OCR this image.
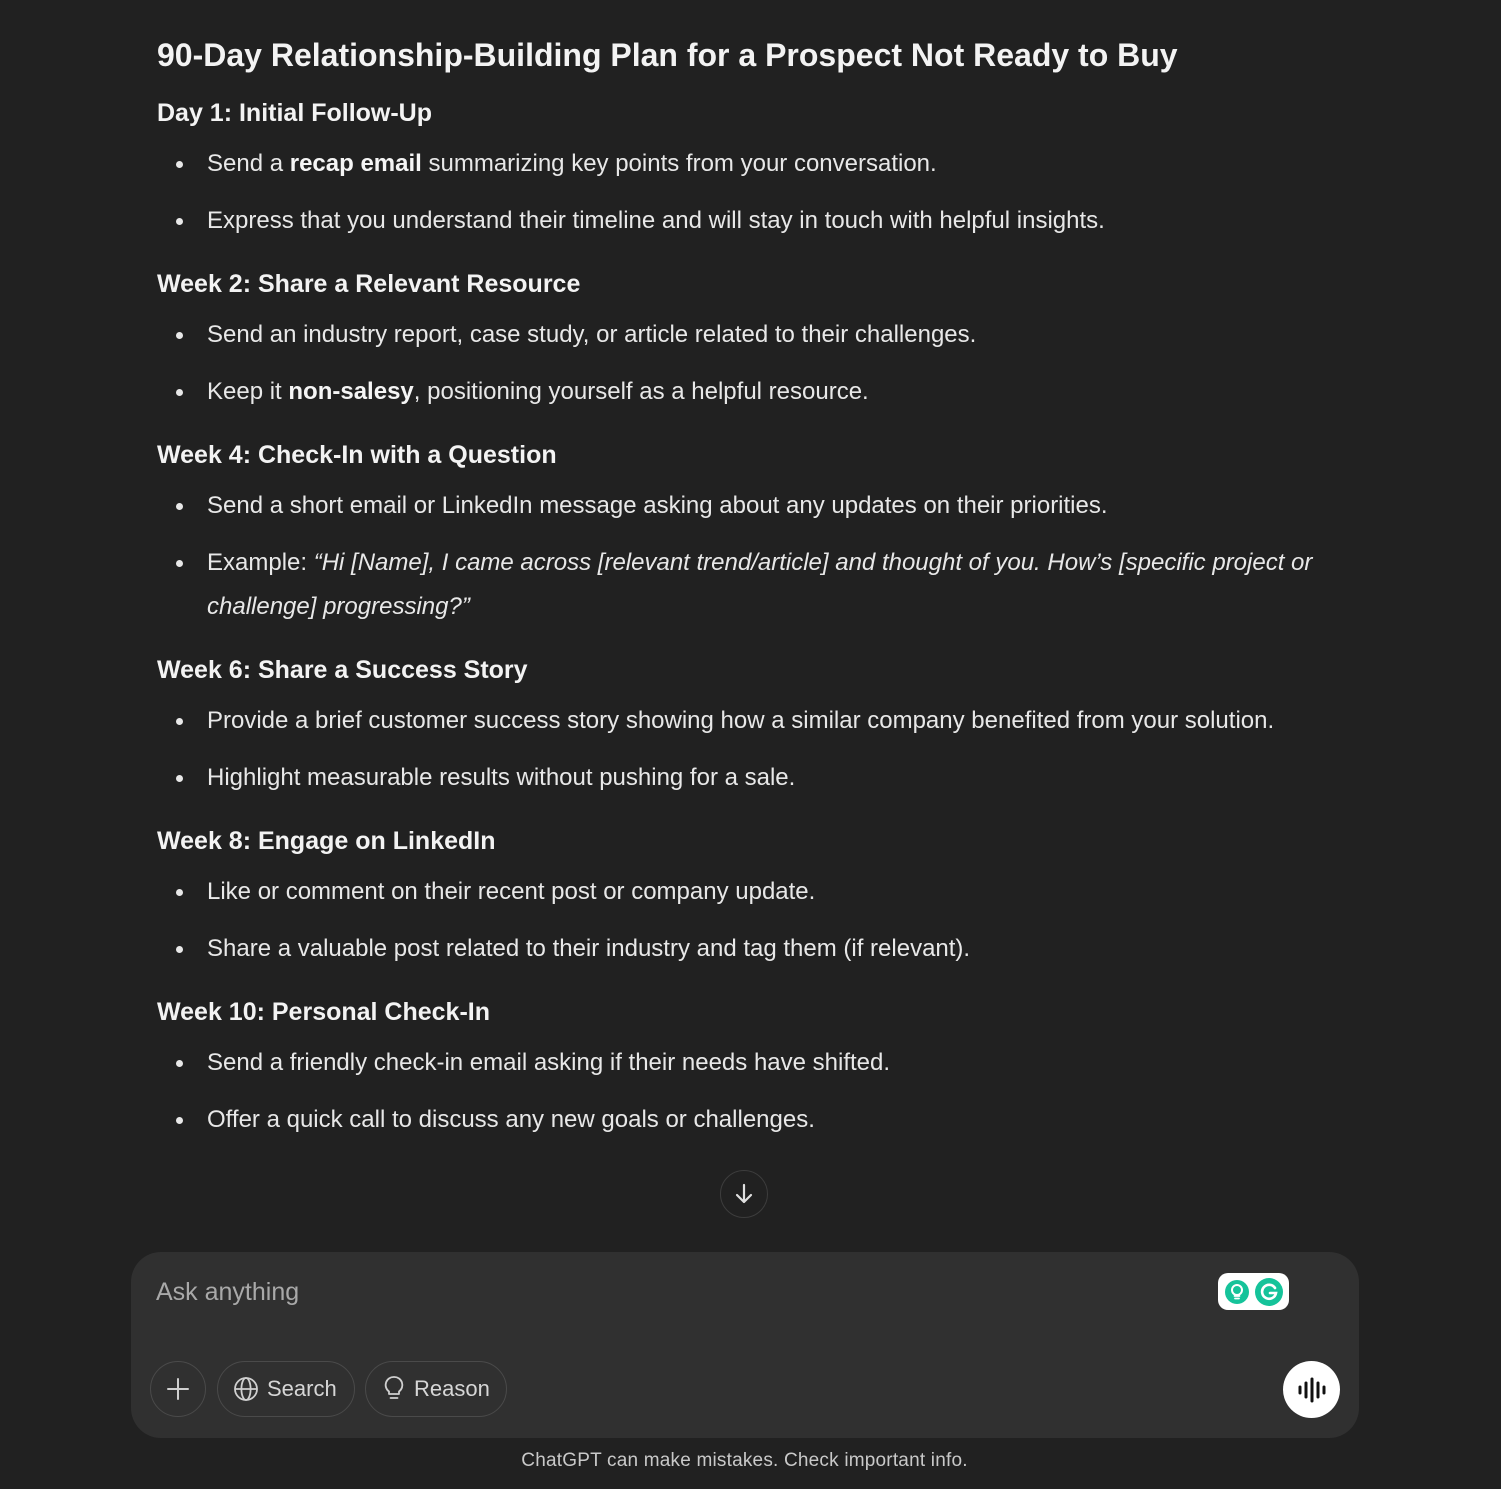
90-Day Relationship-Building Plan for a Prospect Not Ready to Buy
Day 1: Initial Follow-Up
Send a recap email summarizing key points from your conversation.
Express that you understand their timeline and will stay in touch with helpful insights.
Week 2: Share a Relevant Resource
Send an industry report, case study, or article related to their challenges.
Keep it non-salesy, positioning yourself as a helpful resource.
Week 4: Check-In with a Question
Send a short email or LinkedIn message asking about any updates on their priorities.
Example: “Hi [Name], I came across [relevant trend/article] and thought of you. How’s [specific project or challenge] progressing?”
Week 6: Share a Success Story
Provide a brief customer success story showing how a similar company benefited from your solution.
Highlight measurable results without pushing for a sale.
Week 8: Engage on LinkedIn
Like or comment on their recent post or company update.
Share a valuable post related to their industry and tag them (if relevant).
Week 10: Personal Check-In
Send a friendly check-in email asking if their needs have shifted.
Offer a quick call to discuss any new goals or challenges.
Ask anything
Search	Reason
ChatGPT can make mistakes. Check important info.
